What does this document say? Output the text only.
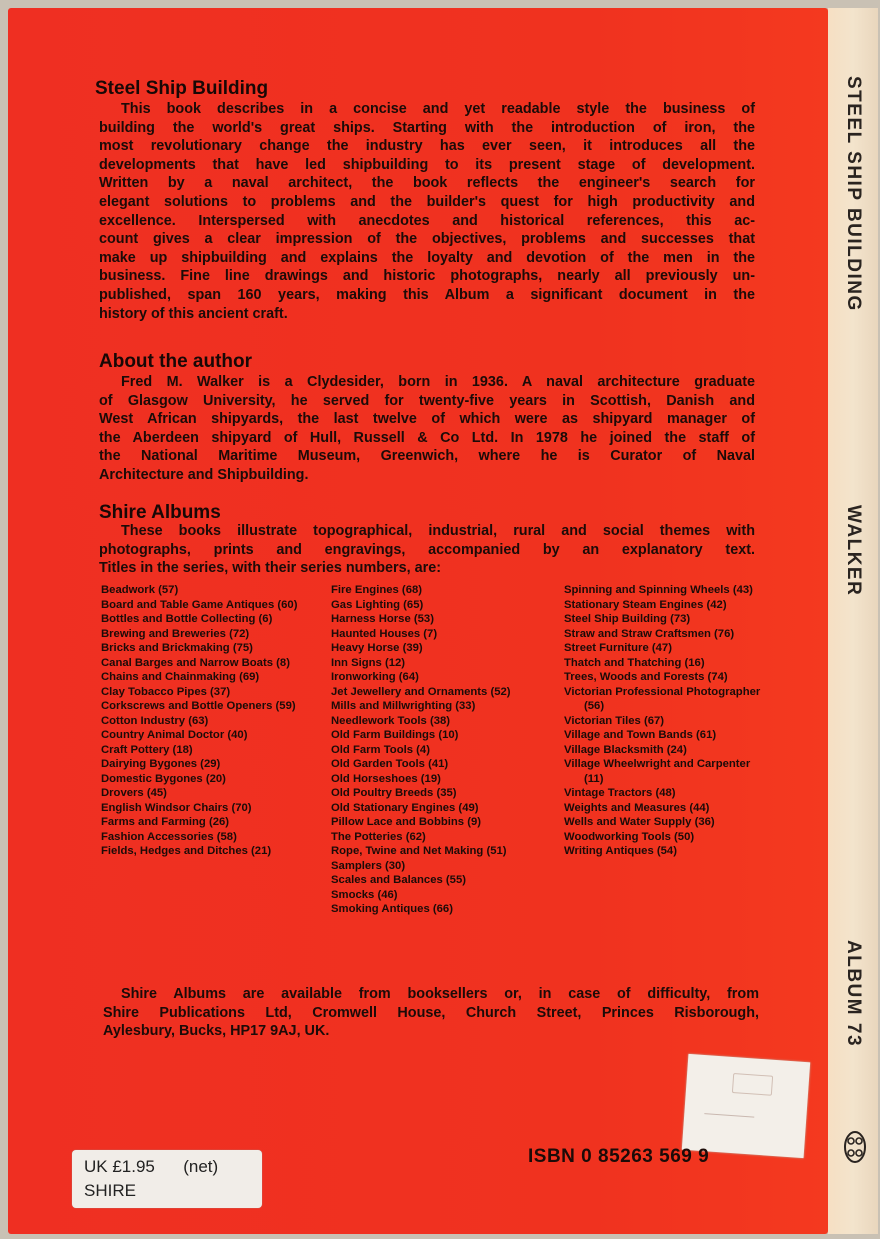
STEEL SHIP BUILDING
WALKER
ALBUM 73
Steel Ship Building
This book describes in a concise and yet readable style the business of
building the world's great ships. Starting with the introduction of iron, the
most revolutionary change the industry has ever seen, it introduces all the
developments that have led shipbuilding to its present stage of development.
Written by a naval architect, the book reflects the engineer's search for
elegant solutions to problems and the builder's quest for high productivity and
excellence. Interspersed with anecdotes and historical references, this ac-
count gives a clear impression of the objectives, problems and successes that
make up shipbuilding and explains the loyalty and devotion of the men in the
business. Fine line drawings and historic photographs, nearly all previously un-
published, span 160 years, making this Album a significant document in the
history of this ancient craft.
About the author
Fred M. Walker is a Clydesider, born in 1936. A naval architecture graduate
of Glasgow University, he served for twenty-five years in Scottish, Danish and
West African shipyards, the last twelve of which were as shipyard manager of
the Aberdeen shipyard of Hull, Russell & Co Ltd. In 1978 he joined the staff of
the National Maritime Museum, Greenwich, where he is Curator of Naval
Architecture and Shipbuilding.
Shire Albums
These books illustrate topographical, industrial, rural and social themes with
photographs, prints and engravings, accompanied by an explanatory text.
Titles in the series, with their series numbers, are:
Beadwork (57)
Board and Table Game Antiques (60)
Bottles and Bottle Collecting (6)
Brewing and Breweries (72)
Bricks and Brickmaking (75)
Canal Barges and Narrow Boats (8)
Chains and Chainmaking (69)
Clay Tobacco Pipes (37)
Corkscrews and Bottle Openers (59)
Cotton Industry (63)
Country Animal Doctor (40)
Craft Pottery (18)
Dairying Bygones (29)
Domestic Bygones (20)
Drovers (45)
English Windsor Chairs (70)
Farms and Farming (26)
Fashion Accessories (58)
Fields, Hedges and Ditches (21)
Fire Engines (68)
Gas Lighting (65)
Harness Horse (53)
Haunted Houses (7)
Heavy Horse (39)
Inn Signs (12)
Ironworking (64)
Jet Jewellery and Ornaments (52)
Mills and Millwrighting (33)
Needlework Tools (38)
Old Farm Buildings (10)
Old Farm Tools (4)
Old Garden Tools (41)
Old Horseshoes (19)
Old Poultry Breeds (35)
Old Stationary Engines (49)
Pillow Lace and Bobbins (9)
The Potteries (62)
Rope, Twine and Net Making (51)
Samplers (30)
Scales and Balances (55)
Smocks (46)
Smoking Antiques (66)
Spinning and Spinning Wheels (43)
Stationary Steam Engines (42)
Steel Ship Building (73)
Straw and Straw Craftsmen (76)
Street Furniture (47)
Thatch and Thatching (16)
Trees, Woods and Forests (74)
Victorian Professional Photographer (56)
Victorian Tiles (67)
Village and Town Bands (61)
Village Blacksmith (24)
Village Wheelwright and Carpenter (11)
Vintage Tractors (48)
Weights and Measures (44)
Wells and Water Supply (36)
Woodworking Tools (50)
Writing Antiques (54)
Shire Albums are available from booksellers or, in case of difficulty, from
Shire Publications Ltd, Cromwell House, Church Street, Princes Risborough,
Aylesbury, Bucks, HP17 9AJ, UK.
ISBN 0 85263 569 9
UK £1.95 (net)
SHIRE
